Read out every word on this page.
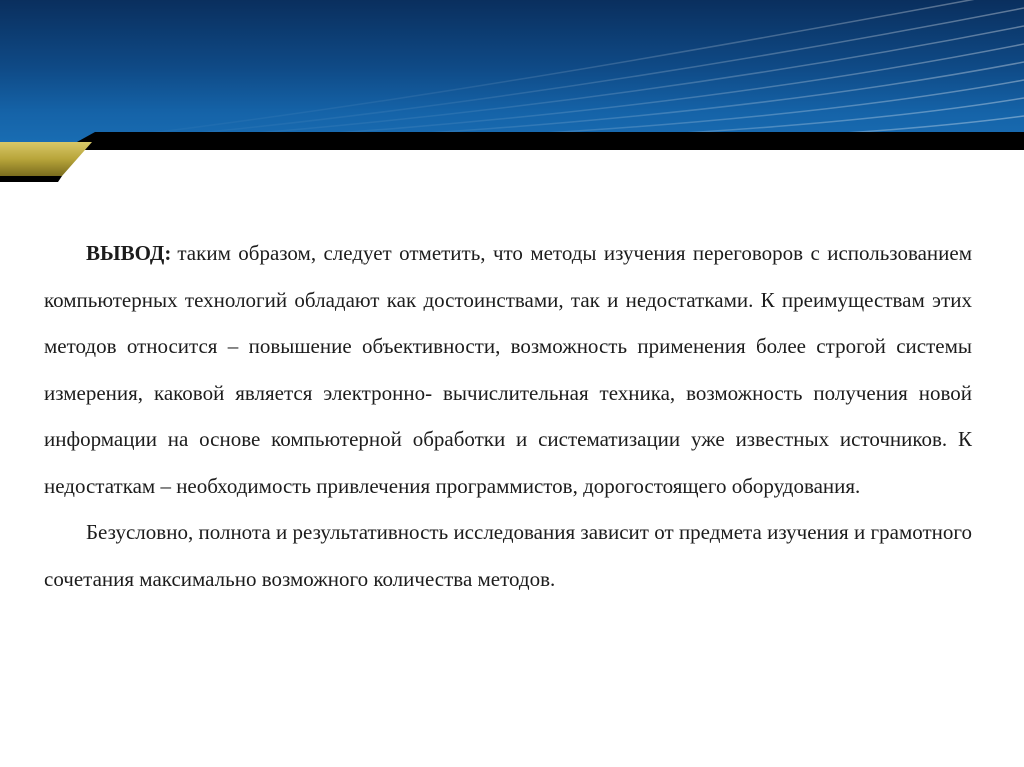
ВЫВОД: таким образом, следует отметить, что методы изучения переговоров с использованием компьютерных технологий обладают как достоинствами, так и недостатками. К преимуществам этих методов относится – повышение объективности, возможность применения более строгой системы измерения, каковой является электронно- вычислительная техника, возможность получения новой информации на основе компьютерной обработки и систематизации уже известных источников. К недостаткам – необходимость привлечения программистов, дорогостоящего оборудования.

Безусловно, полнота и результативность исследования зависит от предмета изучения и грамотного сочетания максимально возможного количества методов.
